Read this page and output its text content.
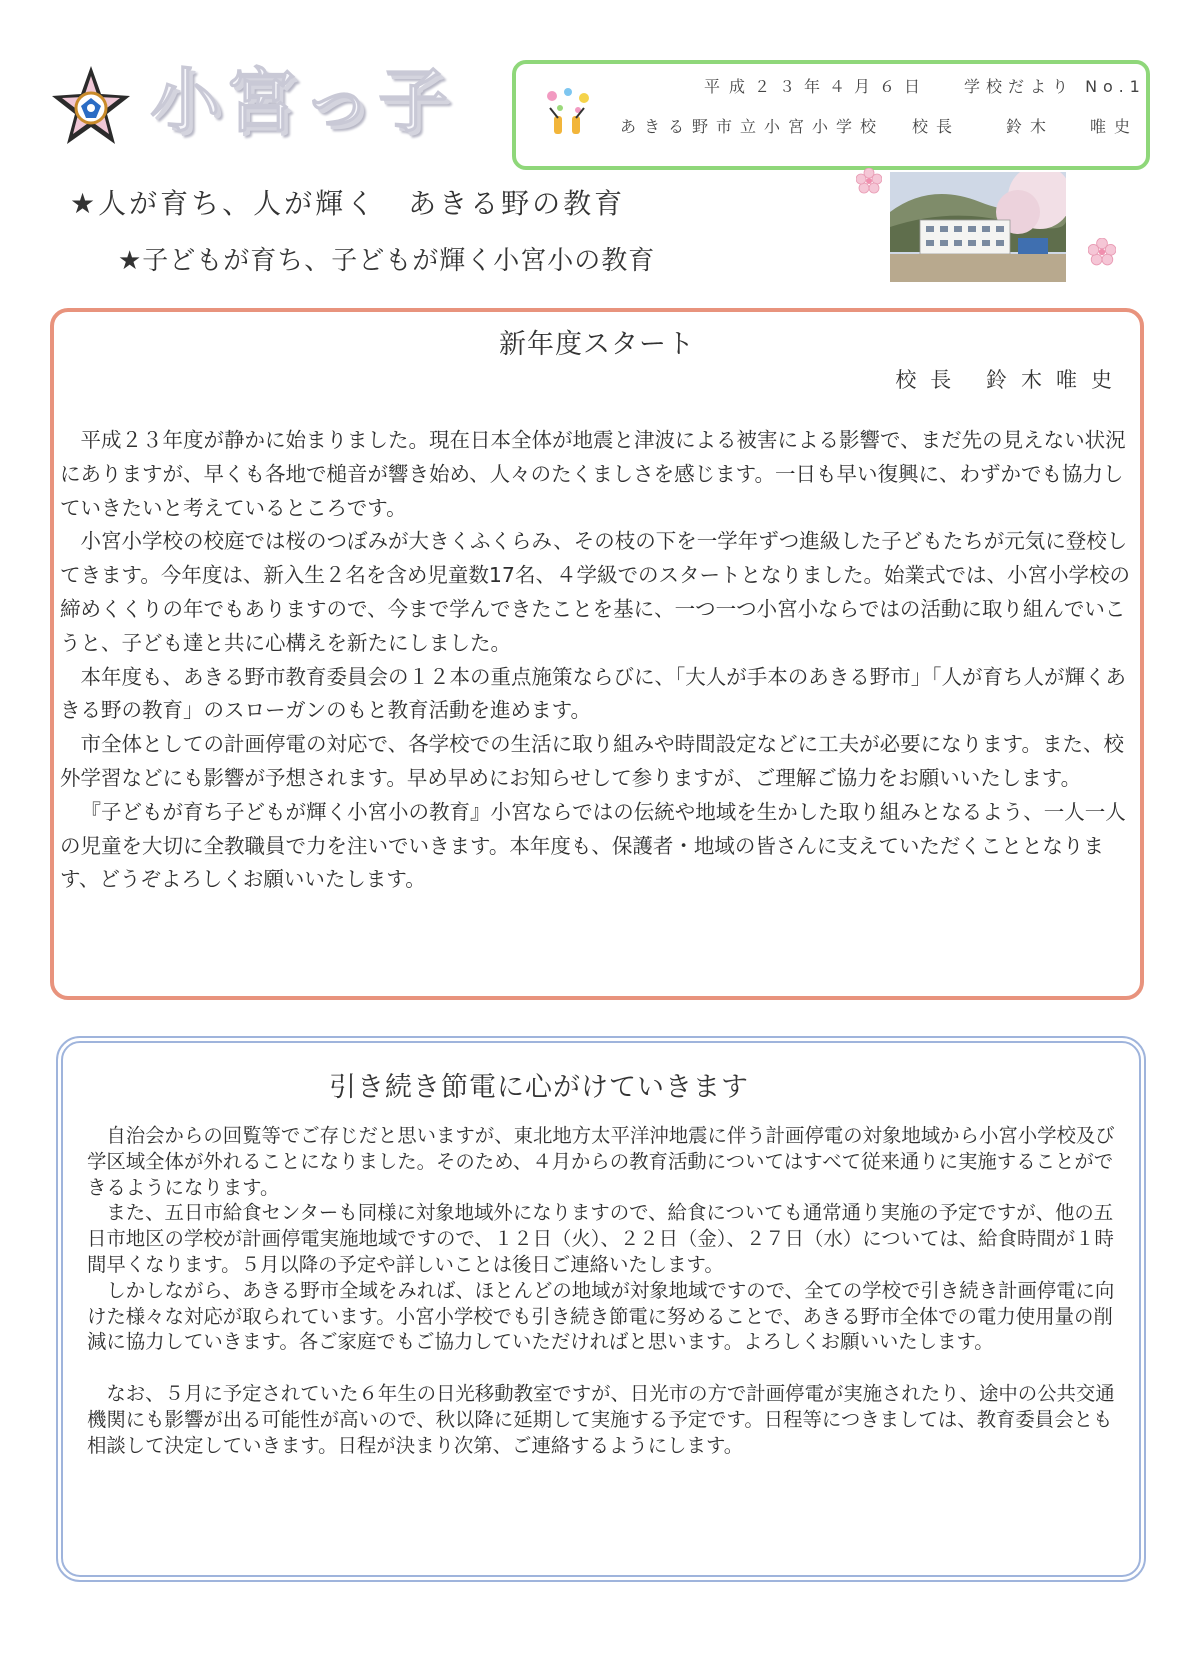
小宮っ子	平成２３年４月６日 学校だより No.1
あきる野市立小宮小学校 校長	鈴木 唯史
★人が育ち、人が輝く　あきる野の教育
★子どもが育ち、子どもが輝く小宮小の教育
新年度スタート
校長 鈴木唯史

平成２３年度が静かに始まりました。現在日本全体が地震と津波による被害による影響で、まだ先の見えない状況にありますが、早くも各地で槌音が響き始め、人々のたくましさを感じます。一日も早い復興に、わずかでも協力していきたいと考えているところです。

小宮小学校の校庭では桜のつぼみが大きくふくらみ、その枝の下を一学年ずつ進級した子どもたちが元気に登校してきます。今年度は、新入生２名を含め児童数17名、４学級でのスタートとなりました。始業式では、小宮小学校の締めくくりの年でもありますので、今まで学んできたことを基に、一つ一つ小宮小ならではの活動に取り組んでいこうと、子ども達と共に心構えを新たにしました。

本年度も、あきる野市教育委員会の１２本の重点施策ならびに、「大人が手本のあきる野市」「人が育ち人が輝くあきる野の教育」のスローガンのもと教育活動を進めます。

市全体としての計画停電の対応で、各学校での生活に取り組みや時間設定などに工夫が必要になります。また、校外学習などにも影響が予想されます。早め早めにお知らせして参りますが、ご理解ご協力をお願いいたします。

『子どもが育ち子どもが輝く小宮小の教育』小宮ならではの伝統や地域を生かした取り組みとなるよう、一人一人の児童を大切に全教職員で力を注いでいきます。本年度も、保護者・地域の皆さんに支えていただくこととなります、どうぞよろしくお願いいたします。

引き続き節電に心がけていきます

自治会からの回覧等でご存じだと思いますが、東北地方太平洋沖地震に伴う計画停電の対象地域から小宮小学校及び学区域全体が外れることになりました。そのため、４月からの教育活動についてはすべて従来通りに実施することができるようになります。

また、五日市給食センターも同様に対象地域外になりますので、給食についても通常通り実施の予定ですが、他の五日市地区の学校が計画停電実施地域ですので、１２日（火）、２２日（金）、２７日（水）については、給食時間が１時間早くなります。５月以降の予定や詳しいことは後日ご連絡いたします。

しかしながら、あきる野市全域をみれば、ほとんどの地域が対象地域ですので、全ての学校で引き続き計画停電に向けた様々な対応が取られています。小宮小学校でも引き続き節電に努めることで、あきる野市全体での電力使用量の削減に協力していきます。各ご家庭でもご協力していただければと思います。よろしくお願いいたします。

なお、５月に予定されていた６年生の日光移動教室ですが、日光市の方で計画停電が実施されたり、途中の公共交通機関にも影響が出る可能性が高いので、秋以降に延期して実施する予定です。日程等につきましては、教育委員会とも相談して決定していきます。日程が決まり次第、ご連絡するようにします。
